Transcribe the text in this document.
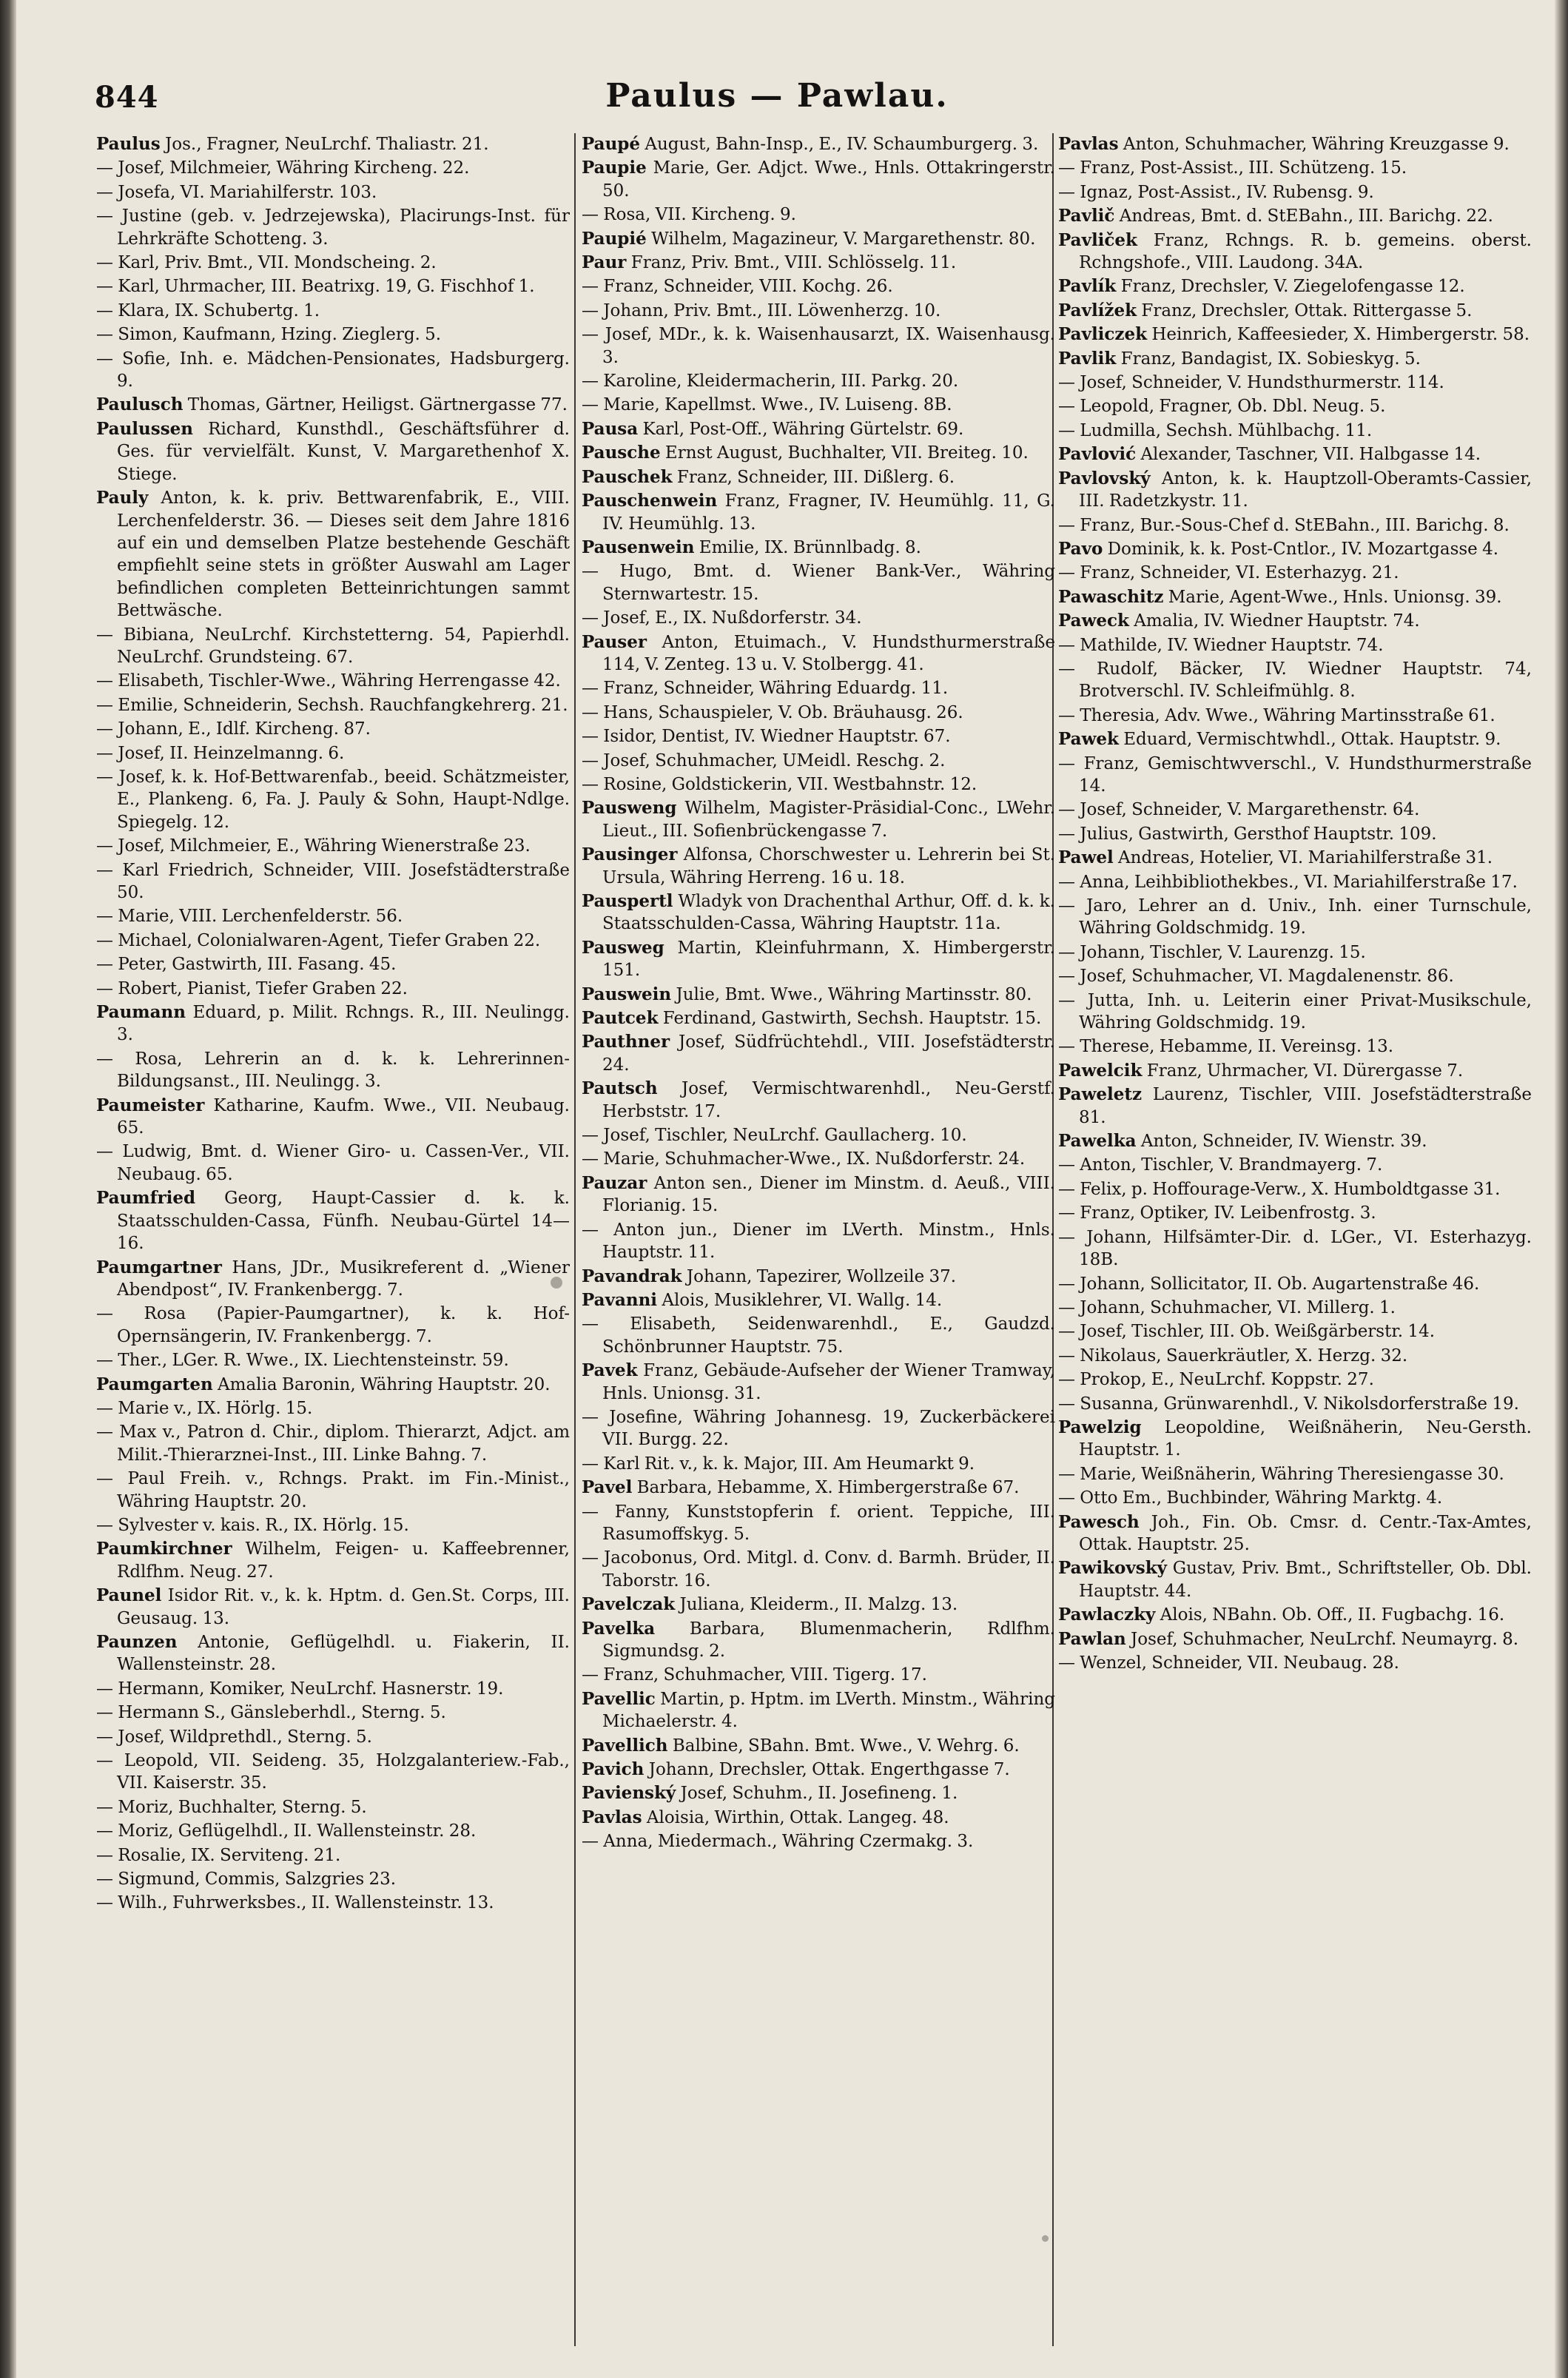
844	Paulus — Pawlau.

Paulus Jos., Fragner, NeuLrchf. Thaliastr. 21.

— Josef, Milchmeier, Währing Kircheng. 22.

— Josefa, VI. Mariahilferstr. 103.

— Justine (geb. v. Jedrzejewska), Placirungs-Inst. für Lehrkräfte Schotteng. 3.

— Karl, Priv. Bmt., VII. Mondscheing. 2.

— Karl, Uhrmacher, III. Beatrixg. 19, G. Fischhof 1.

— Klara, IX. Schubertg. 1.

— Simon, Kaufmann, Hzing. Zieglerg. 5.

— Sofie, Inh. e. Mädchen-Pensionates, Hadsburgerg. 9.

Paulusch Thomas, Gärtner, Heiligst. Gärtnergasse 77.

Paulussen Richard, Kunsthdl., Geschäftsführer d. Ges. für vervielfält. Kunst, V. Margarethenhof X. Stiege.

Pauly Anton, k. k. priv. Bettwarenfabrik, E., VIII. Lerchenfelderstr. 36. — Dieses seit dem Jahre 1816 auf ein und demselben Platze bestehende Geschäft empfiehlt seine stets in größter Auswahl am Lager befindlichen completen Betteinrichtungen sammt Bettwäsche.

— Bibiana, NeuLrchf. Kirchstetterng. 54, Papierhdl. NeuLrchf. Grundsteing. 67.

— Elisabeth, Tischler-Wwe., Währing Herrengasse 42.

— Emilie, Schneiderin, Sechsh. Rauchfangkehrerg. 21.

— Johann, E., Idlf. Kircheng. 87.

— Josef, II. Heinzelmanng. 6.

— Josef, k. k. Hof-Bettwarenfab., beeid. Schätzmeister, E., Plankeng. 6, Fa. J. Pauly & Sohn, Haupt-Ndlge. Spiegelg. 12.

— Josef, Milchmeier, E., Währing Wienerstraße 23.

— Karl Friedrich, Schneider, VIII. Josefstädterstraße 50.

— Marie, VIII. Lerchenfelderstr. 56.

— Michael, Colonialwaren-Agent, Tiefer Graben 22.

— Peter, Gastwirth, III. Fasang. 45.

— Robert, Pianist, Tiefer Graben 22.

Paumann Eduard, p. Milit. Rchngs. R., III. Neulingg. 3.

— Rosa, Lehrerin an d. k. k. Lehrerinnen-Bildungsanst., III. Neulingg. 3.

Paumeister Katharine, Kaufm. Wwe., VII. Neubaug. 65.

— Ludwig, Bmt. d. Wiener Giro- u. Cassen-Ver., VII. Neubaug. 65.

Paumfried Georg, Haupt-Cassier d. k. k. Staatsschulden-Cassa, Fünfh. Neubau-Gürtel 14—16.

Paumgartner Hans, JDr., Musikreferent d. „Wiener Abendpost“, IV. Frankenbergg. 7.

— Rosa (Papier-Paumgartner), k. k. Hof-Opernsängerin, IV. Frankenbergg. 7.

— Ther., LGer. R. Wwe., IX. Liechtensteinstr. 59.

Paumgarten Amalia Baronin, Währing Hauptstr. 20.

— Marie v., IX. Hörlg. 15.

— Max v., Patron d. Chir., diplom. Thierarzt, Adjct. am Milit.-Thierarznei-Inst., III. Linke Bahng. 7.

— Paul Freih. v., Rchngs. Prakt. im Fin.-Minist., Währing Hauptstr. 20.

— Sylvester v. kais. R., IX. Hörlg. 15.

Paumkirchner Wilhelm, Feigen- u. Kaffeebrenner, Rdlfhm. Neug. 27.

Paunel Isidor Rit. v., k. k. Hptm. d. Gen.St. Corps, III. Geusaug. 13.

Paunzen Antonie, Geflügelhdl. u. Fiakerin, II. Wallensteinstr. 28.

— Hermann, Komiker, NeuLrchf. Hasnerstr. 19.

— Hermann S., Gänsleberhdl., Sterng. 5.

— Josef, Wildprethdl., Sterng. 5.

— Leopold, VII. Seideng. 35, Holzgalanteriew.-Fab., VII. Kaiserstr. 35.

— Moriz, Buchhalter, Sterng. 5.

— Moriz, Geflügelhdl., II. Wallensteinstr. 28.

— Rosalie, IX. Serviteng. 21.

— Sigmund, Commis, Salzgries 23.

— Wilh., Fuhrwerksbes., II. Wallensteinstr. 13.

Paupé August, Bahn-Insp., E., IV. Schaumburgerg. 3.

Paupie Marie, Ger. Adjct. Wwe., Hnls. Ottakringerstr. 50.

— Rosa, VII. Kircheng. 9.

Paupié Wilhelm, Magazineur, V. Margarethenstr. 80.

Paur Franz, Priv. Bmt., VIII. Schlösselg. 11.

— Franz, Schneider, VIII. Kochg. 26.

— Johann, Priv. Bmt., III. Löwenherzg. 10.

— Josef, MDr., k. k. Waisenhausarzt, IX. Waisenhausg. 3.

— Karoline, Kleidermacherin, III. Parkg. 20.

— Marie, Kapellmst. Wwe., IV. Luiseng. 8B.

Pausa Karl, Post-Off., Währing Gürtelstr. 69.

Pausche Ernst August, Buchhalter, VII. Breiteg. 10.

Pauschek Franz, Schneider, III. Dißlerg. 6.

Pauschenwein Franz, Fragner, IV. Heumühlg. 11, G. IV. Heumühlg. 13.

Pausenwein Emilie, IX. Brünnlbadg. 8.

— Hugo, Bmt. d. Wiener Bank-Ver., Währing Sternwartestr. 15.

— Josef, E., IX. Nußdorferstr. 34.

Pauser Anton, Etuimach., V. Hundsthurmerstraße 114, V. Zenteg. 13 u. V. Stolbergg. 41.

— Franz, Schneider, Währing Eduardg. 11.

— Hans, Schauspieler, V. Ob. Bräuhausg. 26.

— Isidor, Dentist, IV. Wiedner Hauptstr. 67.

— Josef, Schuhmacher, UMeidl. Reschg. 2.

— Rosine, Goldstickerin, VII. Westbahnstr. 12.

Pausweng Wilhelm, Magister-Präsidial-Conc., LWehr. Lieut., III. Sofienbrückengasse 7.

Pausinger Alfonsa, Chorschwester u. Lehrerin bei St. Ursula, Währing Herreng. 16 u. 18.

Pauspertl Wladyk von Drachenthal Arthur, Off. d. k. k. Staatsschulden-Cassa, Währing Hauptstr. 11a.

Pausweg Martin, Kleinfuhrmann, X. Himbergerstr. 151.

Pauswein Julie, Bmt. Wwe., Währing Martinsstr. 80.

Pautcek Ferdinand, Gastwirth, Sechsh. Hauptstr. 15.

Pauthner Josef, Südfrüchtehdl., VIII. Josefstädterstr. 24.

Pautsch Josef, Vermischtwarenhdl., Neu-Gerstf. Herbststr. 17.

— Josef, Tischler, NeuLrchf. Gaullacherg. 10.

— Marie, Schuhmacher-Wwe., IX. Nußdorferstr. 24.

Pauzar Anton sen., Diener im Minstm. d. Aeuß., VIII. Florianig. 15.

— Anton jun., Diener im LVerth. Minstm., Hnls. Hauptstr. 11.

Pavandrak Johann, Tapezirer, Wollzeile 37.

Pavanni Alois, Musiklehrer, VI. Wallg. 14.

— Elisabeth, Seidenwarenhdl., E., Gaudzd. Schönbrunner Hauptstr. 75.

Pavek Franz, Gebäude-Aufseher der Wiener Tramway, Hnls. Unionsg. 31.

— Josefine, Währing Johannesg. 19, Zuckerbäckerei VII. Burgg. 22.

— Karl Rit. v., k. k. Major, III. Am Heumarkt 9.

Pavel Barbara, Hebamme, X. Himbergerstraße 67.

— Fanny, Kunststopferin f. orient. Teppiche, III. Rasumoffskyg. 5.

— Jacobonus, Ord. Mitgl. d. Conv. d. Barmh. Brüder, II. Taborstr. 16.

Pavelczak Juliana, Kleiderm., II. Malzg. 13.

Pavelka Barbara, Blumenmacherin, Rdlfhm. Sigmundsg. 2.

— Franz, Schuhmacher, VIII. Tigerg. 17.

Pavellic Martin, p. Hptm. im LVerth. Minstm., Währing Michaelerstr. 4.

Pavellich Balbine, SBahn. Bmt. Wwe., V. Wehrg. 6.

Pavich Johann, Drechsler, Ottak. Engerthgasse 7.

Pavienský Josef, Schuhm., II. Josefineng. 1.

Pavlas Aloisia, Wirthin, Ottak. Langeg. 48.

— Anna, Miedermach., Währing Czermakg. 3.

Pavlas Anton, Schuhmacher, Währing Kreuzgasse 9.

— Franz, Post-Assist., III. Schützeng. 15.

— Ignaz, Post-Assist., IV. Rubensg. 9.

Pavlič Andreas, Bmt. d. StEBahn., III. Barichg. 22.

Pavliček Franz, Rchngs. R. b. gemeins. oberst. Rchngshofe., VIII. Laudong. 34A.

Pavlík Franz, Drechsler, V. Ziegelofengasse 12.

Pavlížek Franz, Drechsler, Ottak. Rittergasse 5.

Pavliczek Heinrich, Kaffeesieder, X. Himbergerstr. 58.

Pavlik Franz, Bandagist, IX. Sobieskyg. 5.

— Josef, Schneider, V. Hundsthurmerstr. 114.

— Leopold, Fragner, Ob. Dbl. Neug. 5.

— Ludmilla, Sechsh. Mühlbachg. 11.

Pavlović Alexander, Taschner, VII. Halbgasse 14.

Pavlovský Anton, k. k. Hauptzoll-Oberamts-Cassier, III. Radetzkystr. 11.

— Franz, Bur.-Sous-Chef d. StEBahn., III. Barichg. 8.

Pavo Dominik, k. k. Post-Cntlor., IV. Mozartgasse 4.

— Franz, Schneider, VI. Esterhazyg. 21.

Pawaschitz Marie, Agent-Wwe., Hnls. Unionsg. 39.

Paweck Amalia, IV. Wiedner Hauptstr. 74.

— Mathilde, IV. Wiedner Hauptstr. 74.

— Rudolf, Bäcker, IV. Wiedner Hauptstr. 74, Brotverschl. IV. Schleifmühlg. 8.

— Theresia, Adv. Wwe., Währing Martinsstraße 61.

Pawek Eduard, Vermischtwhdl., Ottak. Hauptstr. 9.

— Franz, Gemischtwverschl., V. Hundsthurmerstraße 14.

— Josef, Schneider, V. Margarethenstr. 64.

— Julius, Gastwirth, Gersthof Hauptstr. 109.

Pawel Andreas, Hotelier, VI. Mariahilferstraße 31.

— Anna, Leihbibliothekbes., VI. Mariahilferstraße 17.

— Jaro, Lehrer an d. Univ., Inh. einer Turnschule, Währing Goldschmidg. 19.

— Johann, Tischler, V. Laurenzg. 15.

— Josef, Schuhmacher, VI. Magdalenenstr. 86.

— Jutta, Inh. u. Leiterin einer Privat-Musikschule, Währing Goldschmidg. 19.

— Therese, Hebamme, II. Vereinsg. 13.

Pawelcik Franz, Uhrmacher, VI. Dürergasse 7.

Paweletz Laurenz, Tischler, VIII. Josefstädterstraße 81.

Pawelka Anton, Schneider, IV. Wienstr. 39.

— Anton, Tischler, V. Brandmayerg. 7.

— Felix, p. Hoffourage-Verw., X. Humboldtgasse 31.

— Franz, Optiker, IV. Leibenfrostg. 3.

— Johann, Hilfsämter-Dir. d. LGer., VI. Esterhazyg. 18B.

— Johann, Sollicitator, II. Ob. Augartenstraße 46.

— Johann, Schuhmacher, VI. Millerg. 1.

— Josef, Tischler, III. Ob. Weißgärberstr. 14.

— Nikolaus, Sauerkräutler, X. Herzg. 32.

— Prokop, E., NeuLrchf. Koppstr. 27.

— Susanna, Grünwarenhdl., V. Nikolsdorferstraße 19.

Pawelzig Leopoldine, Weißnäherin, Neu-Gersth. Hauptstr. 1.

— Marie, Weißnäherin, Währing Theresiengasse 30.

— Otto Em., Buchbinder, Währing Marktg. 4.

Pawesch Joh., Fin. Ob. Cmsr. d. Centr.-Tax-Amtes, Ottak. Hauptstr. 25.

Pawikovský Gustav, Priv. Bmt., Schriftsteller, Ob. Dbl. Hauptstr. 44.

Pawlaczky Alois, NBahn. Ob. Off., II. Fugbachg. 16.

Pawlan Josef, Schuhmacher, NeuLrchf. Neumayrg. 8.

— Wenzel, Schneider, VII. Neubaug. 28.
